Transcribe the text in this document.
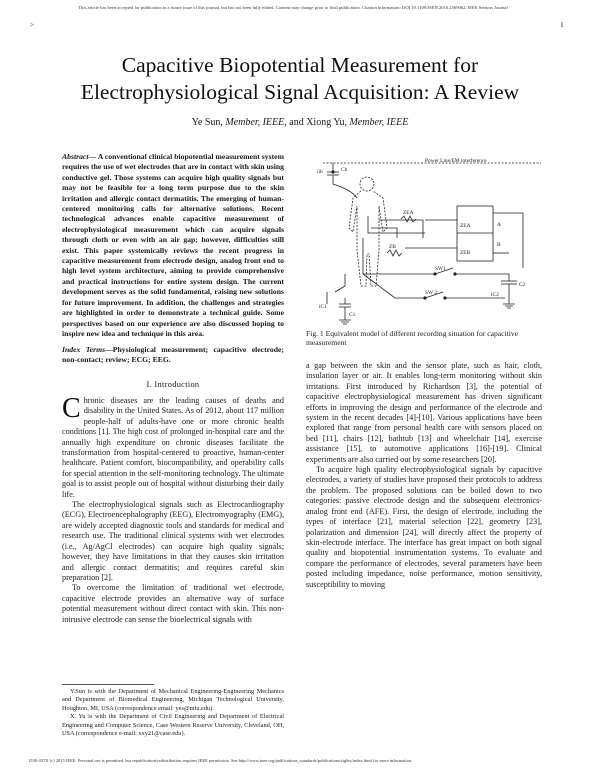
This article has been accepted for publication in a future issue of this journal, but has not been fully edited. Content may change prior to final publication. Citation information: DOI 10.1109/JSEN.2016.2569062, IEEE Sensors Journal
>	1
Capacitive Biopotential Measurement for Electrophysiological Signal Acquisition: A Review
Ye Sun, Member, IEEE, and Xiong Yu, Member, IEEE
Abstract— A conventional clinical biopotential measurement system requires the use of wet electrodes that are in contact with skin using conductive gel. Those systems can acquire high quality signals but may not be feasible for a long term purpose due to the skin irritation and allergic contact dermatitis. The emerging of human-centered monitoring calls for alternative solutions. Recent technological advances enable capacitive measurement of electrophysiological measurement which can acquire signals through cloth or even with an air gap; however, difficulties still exist. This paper systemically reviews the recent progress in capacitive measurement from electrode design, analog front end to high level system architecture, aiming to provide comprehensive and practical instructions for entire system design. The current development serves as the solid fundamental, raising new solutions for future improvement. In addition, the challenges and strategies are highlighted in order to demonstrate a technical guide. Some perspectives based on our experience are also discussed hoping to inspire new idea and technique in this area.
Index Terms—Physiological measurement; capacitive electrode; non-contact; review; ECG; EEG.
I. Introduction

Chronic diseases are the leading causes of deaths and disability in the United States. As of 2012, about 117 million people-half of adults-have one or more chronic health conditions [1]. The high cost of prolonged in-hospital care and the annually high expenditure on chronic diseases facilitate the transformation from hospital-centered to proactive, human-center healthcare. Patient comfort, biocompatibility, and operability calls for special attention in the self-monitoring technology. The ultimate goal is to assist people out of hospital without disturbing their daily life.

The electrophysiological signals such as Electrocardiography (ECG), Electroencephalography (EEG), Electromyography (EMG), are widely accepted diagnostic tools and standards for medical and research use. The traditional clinical systems with wet electrodes (i.e., Ag/AgCl electrodes) can acquire high quality signals; however, they have limitations in that they causes skin irritation and allergic contact dermatitis; and requires careful skin preparation [2].

To overcome the limitation of traditional wet electrode, capacitive electrode provides an alternative way of surface potential measurement without direct contact with skin. This non-intrusive electrode can sense the bioelectrical signals with

Y.Sun is with the Department of Mechanical Engineering-Engineering Mechanics and Department of Biomedical Engineering, Michigan Technological University, Houghton, MI, USA (correspondence email: yes@mtu.edu).
X. Yu is with the Department of Civil Engineering and Department of Electrical Engineering and Computer Science, Case Western Reserve University, Cleveland, OH, USA (correspondence e-mail: xxy21@case.edu).
Power Line/EM interference
iib	Cb
ZEA
ZEA
ZEB
ZB
A
B
SW1
SW 2
iC1
C1
iC2
C2
Fig. 1 Equivalent model of different recording situation for capacitive measurement

a gap between the skin and the sensor plate, such as hair, cloth, insulation layer or air. It enables long-term monitoring without skin irritations. First introduced by Richardson [3], the potential of capacitive electrophysiological measurement has driven significant efforts in improving the design and performance of the electrode and system in the recent decades [4]-[10]. Various applications have been explored that range from personal health care with sensors placed on bed [11], chairs [12], bathtub [13] and wheelchair [14], exercise assistance [15], to automotive applications [16]-[19]. Clinical experiments are also carried out by some researchers [20].

To acquire high quality electrophysiological signals by capacitive electrodes, a variety of studies have proposed their protocols to address the problem. The proposed solutions can be boiled down to two categories: passive electrode design and the subsequent electronics-analog front end (AFE). First, the design of electrode, including the types of interface [21], material selection [22], geometry [23], polarization and dimension [24], will directly affect the property of skin-electrode interface. The interface has great impact on both signal quality and biopotential instrumentation systems. To evaluate and compare the performance of electrodes, several parameters have been posted including impedance, noise performance, motion sensitivity, susceptibility to moving

1530-437X (c) 2015 IEEE. Personal use is permitted, but republication/redistribution requires IEEE permission. See http://www.ieee.org/publications_standards/publications/rights/index.html for more information.
